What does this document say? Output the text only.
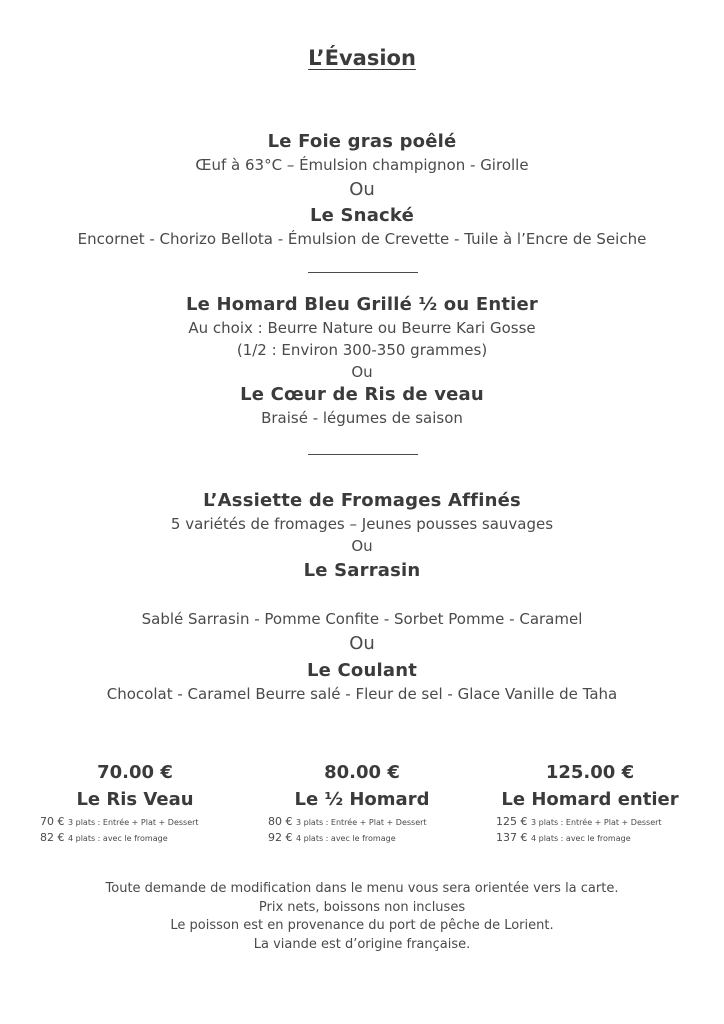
L’Évasion
Le Foie gras poêlé
Œuf à 63°C – Émulsion champignon - Girolle
Ou
Le Snacké
Encornet - Chorizo Bellota - Émulsion de Crevette - Tuile à l’Encre de Seiche
Le Homard Bleu Grillé ½ ou Entier
Au choix : Beurre Nature ou Beurre Kari Gosse
(1/2 : Environ 300-350 grammes)
Ou
Le Cœur de Ris de veau
Braisé - légumes de saison
L’Assiette de Fromages Affinés
5 variétés de fromages – Jeunes pousses sauvages
Ou
Le Sarrasin
Sablé Sarrasin - Pomme Confite - Sorbet Pomme - Caramel
Ou
Le Coulant
Chocolat - Caramel Beurre salé - Fleur de sel - Glace Vanille de Taha
70.00 €
Le Ris Veau
70 € 3 plats : Entrée + Plat + Dessert
82 € 4 plats : avec le fromage
80.00 €
Le ½ Homard
80 € 3 plats : Entrée + Plat + Dessert
92 € 4 plats : avec le fromage
125.00 €
Le Homard entier
125 € 3 plats : Entrée + Plat + Dessert
137 € 4 plats : avec le fromage
Toute demande de modification dans le menu vous sera orientée vers la carte.
Prix nets, boissons non incluses
Le poisson est en provenance du port de pêche de Lorient.
La viande est d’origine française.
